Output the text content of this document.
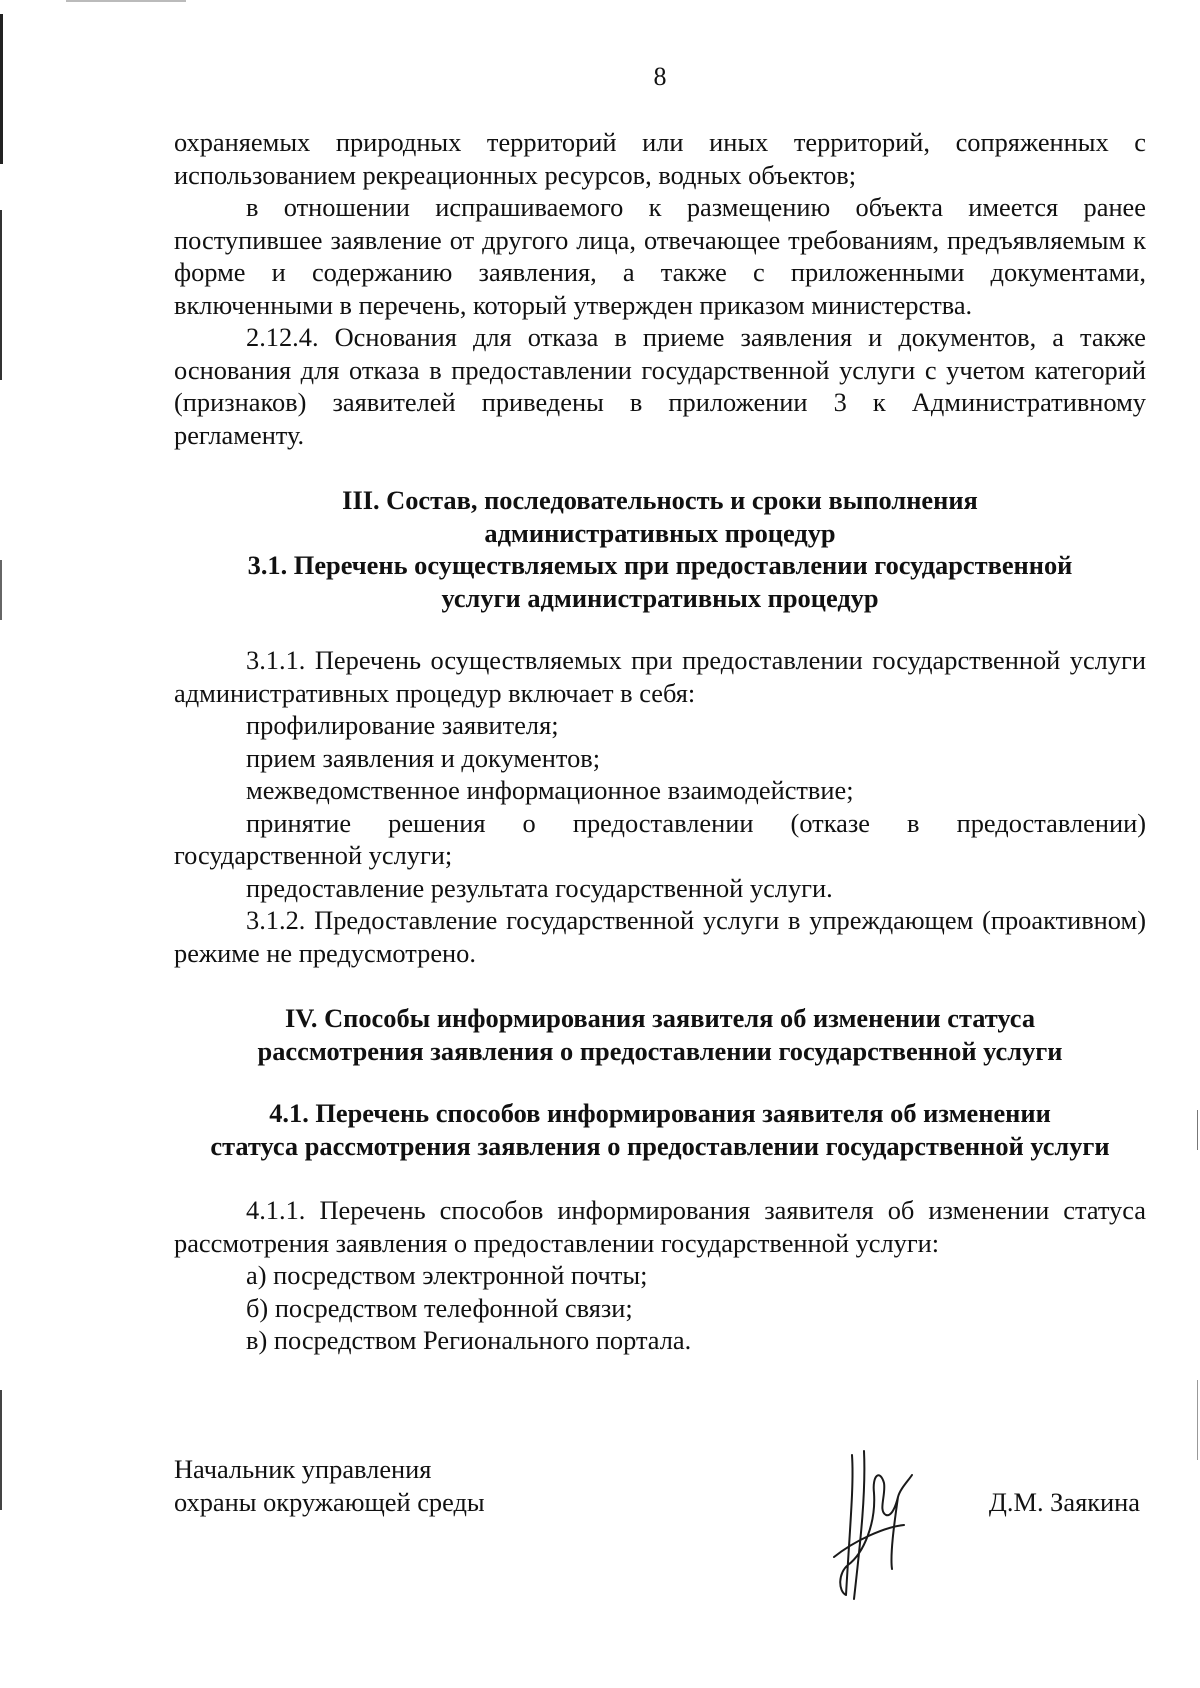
8

охраняемых природных территорий или иных территорий, сопряженных с использованием рекреационных ресурсов, водных объектов;

в отношении испрашиваемого к размещению объекта имеется ранее поступившее заявление от другого лица, отвечающее требованиям, предъявляемым к форме и содержанию заявления, а также с приложенными документами, включенными в перечень, который утвержден приказом министерства.

2.12.4. Основания для отказа в приеме заявления и документов, а также основания для отказа в предоставлении государственной услуги с учетом категорий (признаков) заявителей приведены в приложении 3 к Административному регламенту.

III. Состав, последовательность и сроки выполнения
административных процедур
3.1. Перечень осуществляемых при предоставлении государственной
услуги административных процедур

3.1.1. Перечень осуществляемых при предоставлении государственной услуги административных процедур включает в себя:

профилирование заявителя;

прием заявления и документов;

межведомственное информационное взаимодействие;

принятие решения о предоставлении (отказе в предоставлении) государственной услуги;

предоставление результата государственной услуги.

3.1.2. Предоставление государственной услуги в упреждающем (проактивном) режиме не предусмотрено.

IV. Способы информирования заявителя об изменении статуса
рассмотрения заявления о предоставлении государственной услуги
4.1. Перечень способов информирования заявителя об изменении
статуса рассмотрения заявления о предоставлении государственной услуги

4.1.1. Перечень способов информирования заявителя об изменении статуса рассмотрения заявления о предоставлении государственной услуги:

а) посредством электронной почты;

б) посредством телефонной связи;

в) посредством Регионального портала.

Начальник управления
охраны окружающей среды	Д.М. Заякина
